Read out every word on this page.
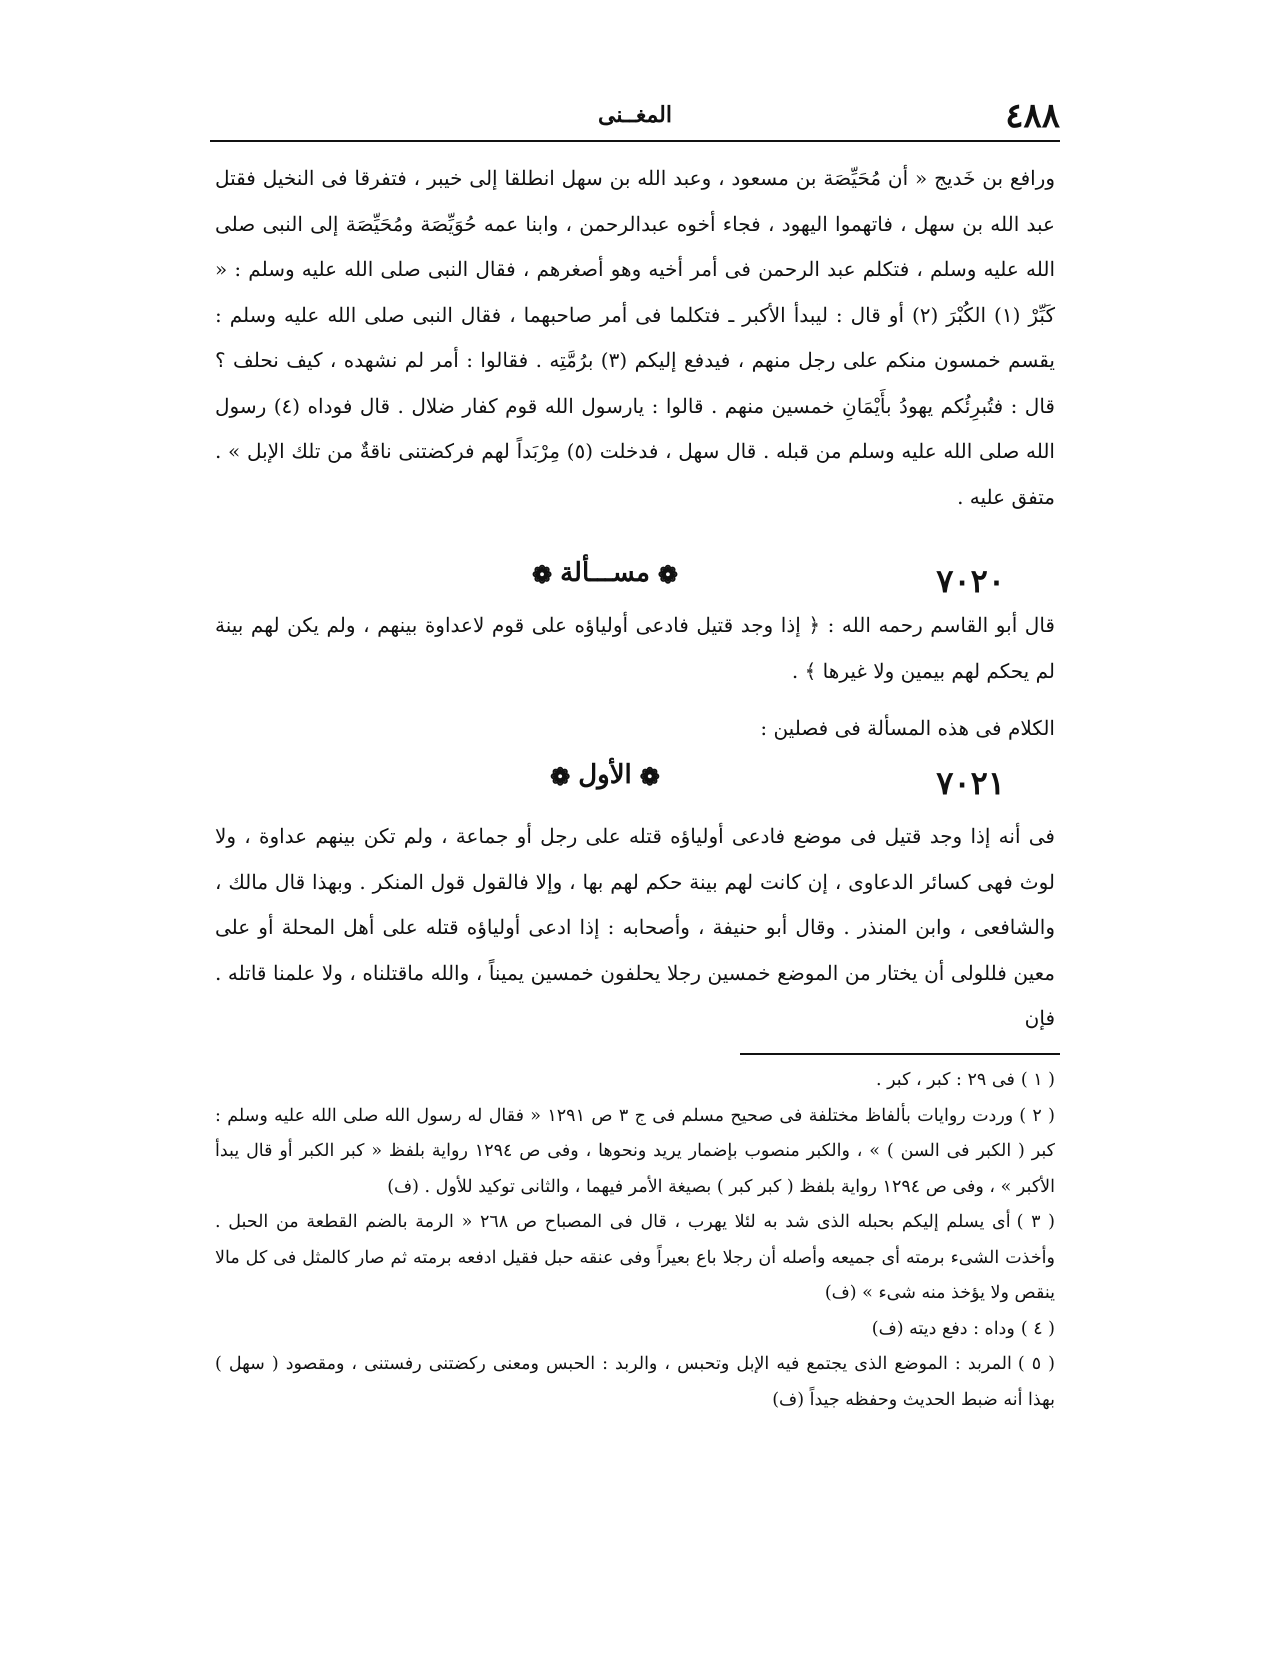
٤٨٨
المغــنى
ورافع بن خَديج « أن مُحَيِّصَة بن مسعود ، وعبد الله بن سهل انطلقا إلى خيبر ، فتفرقا فى النخيل فقتل عبد الله بن سهل ، فاتهموا اليهود ، فجاء أخوه عبدالرحمن ، وابنا عمه حُوَيِّصَة ومُحَيِّصَة إلى النبى صلى الله عليه وسلم ، فتكلم عبد الرحمن فى أمر أخيه وهو أصغرهم ، فقال النبى صلى الله عليه وسلم : « كَبِّرْ (١) الكُبْرَ (٢) أو قال : ليبدأ الأكبر ـ فتكلما فى أمر صاحبهما ، فقال النبى صلى الله عليه وسلم : يقسم خمسون منكم على رجل منهم ، فيدفع إليكم (٣) برُمَّتِه . فقالوا : أمر لم نشهده ، كيف نحلف ؟ قال : فتُبرِئُكم يهودُ بأَيْمَانِ خمسين منهم . قالوا : يارسول الله قوم كفار ضلال . قال فوداه (٤) رسول الله صلى الله عليه وسلم من قبله . قال سهل ، فدخلت (٥) مِرْبَداً لهم فركضتنى ناقةٌ من تلك الإبل » . متفق عليه .
٧٠٢٠
❁مســـألة❁
قال أبو القاسم رحمه الله : ﴿ إذا وجد قتيل فادعى أولياؤه على قوم لاعداوة بينهم ، ولم يكن لهم بينة لم يحكم لهم بيمين ولا غيرها ﴾ .
الكلام فى هذه المسألة فى فصلين :
٧٠٢١
❁الأول❁
فى أنه إذا وجد قتيل فى موضع فادعى أولياؤه قتله على رجل أو جماعة ، ولم تكن بينهم عداوة ، ولا لوث فهى كسائر الدعاوى ، إن كانت لهم بينة حكم لهم بها ، وإلا فالقول قول المنكر . وبهذا قال مالك ، والشافعى ، وابن المنذر . وقال أبو حنيفة ، وأصحابه : إذا ادعى أولياؤه قتله على أهل المحلة أو على معين فللولى أن يختار من الموضع خمسين رجلا يحلفون خمسين يميناً ، والله ماقتلناه ، ولا علمنا قاتله . فإن

( ١ )فى ٢٩ : كبر ، كبر .

( ٢ )وردت روايات بألفاظ مختلفة فى صحيح مسلم فى ج ٣ ص ١٢٩١ « فقال له رسول الله صلى الله عليه وسلم : كبر ( الكبر فى السن ) » ، والكبر منصوب بإضمار يريد ونحوها ، وفى ص ١٢٩٤ رواية بلفظ « كبر الكبر أو قال يبدأ الأكبر » ، وفى ص ١٢٩٤ رواية بلفظ ( كبر كبر ) بصيغة الأمر فيهما ، والثانى توكيد للأول . (ف)

( ٣ )أى يسلم إليكم بحبله الذى شد به لئلا يهرب ، قال فى المصباح ص ٢٦٨ « الرمة بالضم القطعة من الحبل . وأخذت الشىء برمته أى جميعه وأصله أن رجلا باع بعيراً وفى عنقه حبل فقيل ادفعه برمته ثم صار كالمثل فى كل مالا ينقص ولا يؤخذ منه شىء » (ف)

( ٤ )وداه : دفع ديته (ف)

( ٥ )المربد : الموضع الذى يجتمع فيه الإبل وتحبس ، والربد : الحبس ومعنى ركضتنى رفستنى ، ومقصود ( سهل ) بهذا أنه ضبط الحديث وحفظه جيداً (ف)
